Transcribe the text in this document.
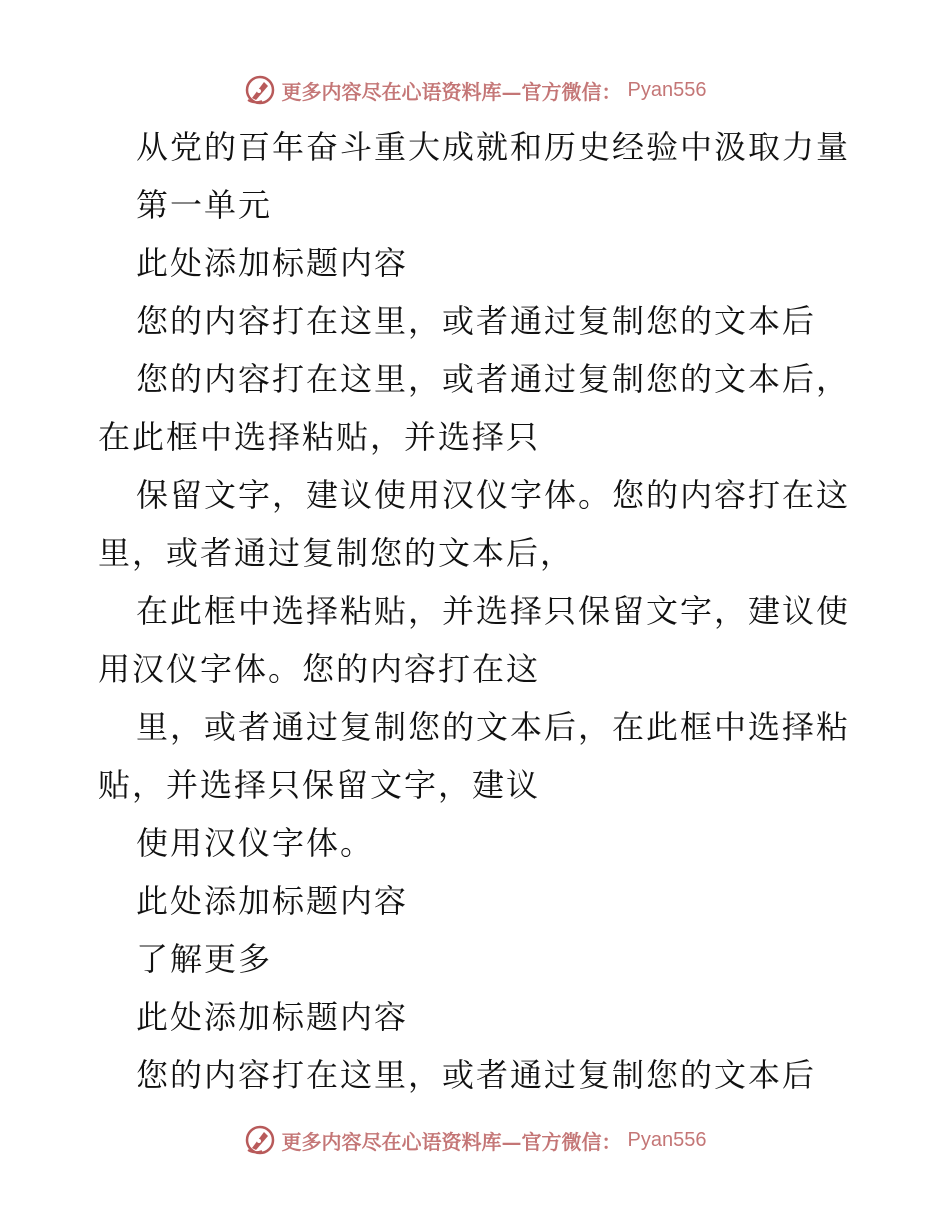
更多内容尽在心语资料库—官方微信： Pyan556
从党的百年奋斗重大成就和历史经验中汲取力量
第一单元
此处添加标题内容
您的内容打在这里，或者通过复制您的文本后
您的内容打在这里，或者通过复制您的文本后，
在此框中选择粘贴，并选择只
保留文字，建议使用汉仪字体。您的内容打在这
里，或者通过复制您的文本后，
在此框中选择粘贴，并选择只保留文字，建议使
用汉仪字体。您的内容打在这
里，或者通过复制您的文本后，在此框中选择粘
贴，并选择只保留文字，建议
使用汉仪字体。
此处添加标题内容
了解更多
此处添加标题内容
您的内容打在这里，或者通过复制您的文本后
更多内容尽在心语资料库—官方微信： Pyan556
